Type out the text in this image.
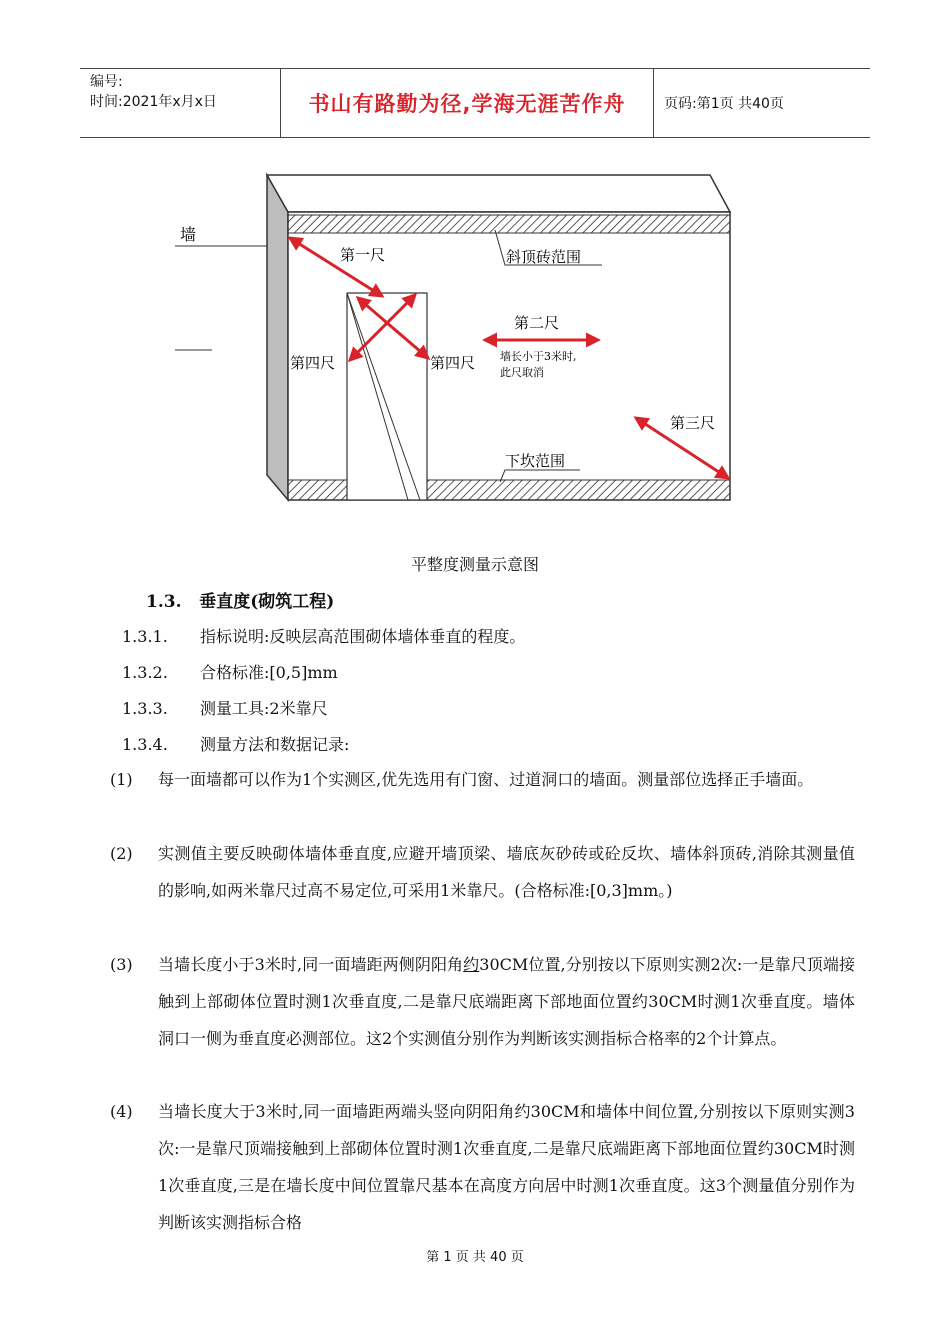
编号:
时间:2021年x月x日	书山有路勤为径,学海无涯苦作舟	页码:第1页 共40页
墙
斜顶砖范围
下坎范围
第一尺
第二尺
第三尺
第四尺	第四尺 墙长小于3米时,
此尺取消
平整度测量示意图
1.3. 垂直度(砌筑工程)
1.3.1. 指标说明:反映层高范围砌体墙体垂直的程度。
1.3.2. 合格标准:[0,5]mm
1.3.3. 测量工具:2米靠尺
1.3.4. 测量方法和数据记录:
(1)	每一面墙都可以作为1个实测区,优先选用有门窗、过道洞口的墙面。测量部位选择正手墙面。
(2)	实测值主要反映砌体墙体垂直度,应避开墙顶梁、墙底灰砂砖或砼反坎、墙体斜顶砖,消除其测量值的影响,如两米靠尺过高不易定位,可采用1米靠尺。(合格标准:[0,3]mm。)
(3)	当墙长度小于3米时,同一面墙距两侧阴阳角约30CM位置,分别按以下原则实测2次:一是靠尺顶端接触到上部砌体位置时测1次垂直度,二是靠尺底端距离下部地面位置约30CM时测1次垂直度。墙体洞口一侧为垂直度必测部位。这2个实测值分别作为判断该实测指标合格率的2个计算点。
(4)	当墙长度大于3米时,同一面墙距两端头竖向阴阳角约30CM和墙体中间位置,分别按以下原则实测3次:一是靠尺顶端接触到上部砌体位置时测1次垂直度,二是靠尺底端距离下部地面位置约30CM时测1次垂直度,三是在墙长度中间位置靠尺基本在高度方向居中时测1次垂直度。这3个测量值分别作为判断该实测指标合格
第 1 页 共 40 页
